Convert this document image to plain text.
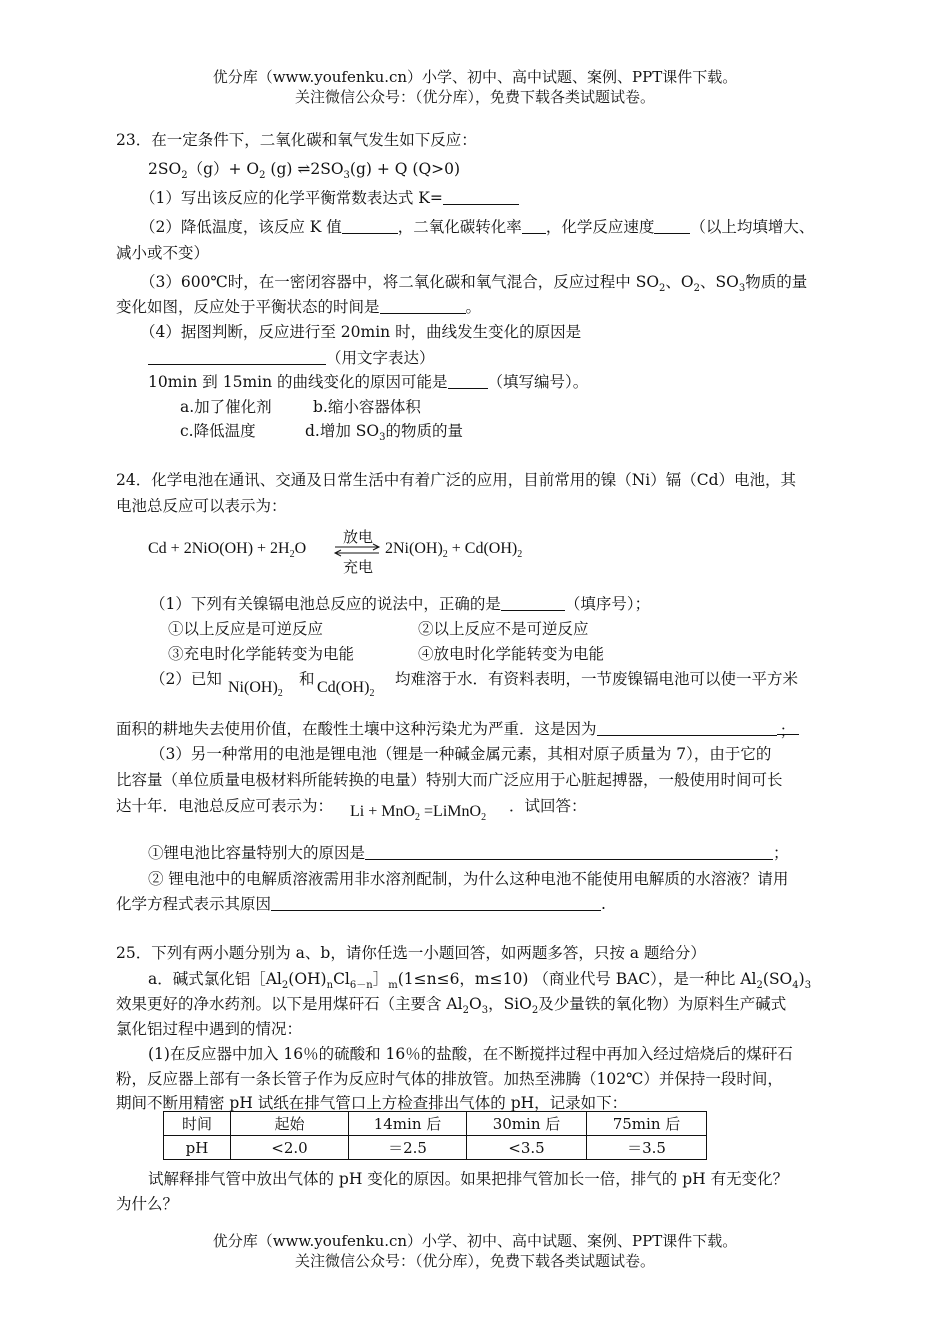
优分库（www.youfenku.cn）小学、初中、高中试题、案例、PPT课件下载。
关注微信公众号：（优分库），免费下载各类试题试卷。
23．在一定条件下，二氧化碳和氧气发生如下反应：
$2SO_2(g)+ O_2$ (g) $\rightleftharpoons 2SO_3(g) + Q$ (Q>0)
（1）写出该反应的化学平衡常数表达式 K=
（2）降低温度，该反应 K 值	，二氧化碳转化率 ，化学反应速度 （以上均填增大、
减小或不变）
（3）600℃时，在一密闭容器中，将二氧化碳和氧气混合，反应过程中 $SO_2$、$O_2$、$SO_3$物质的量
变化如图，反应处于平衡状态的时间是	。
（4）据图判断，反应进行至 20min 时，曲线发生变化的原因是
（用文字表达）
10min 到 15min 的曲线变化的原因可能是	（填写编号）。
a.加了催化剂	b.缩小容器体积
c.降低温度	d.增加 $SO_3$的物质的量
24．化学电池在通讯、交通及日常生活中有着广泛的应用，目前常用的镍（Ni）镉（Cd）电池，其
电池总反应可以表示为：
$Cd + 2NiO(OH) + 2H_2O$
放电
充电
$2Ni(OH)_2 + Cd(OH)_2$
（1）下列有关镍镉电池总反应的说法中，正确的是	（填序号）；
①以上反应是可逆反应	②以上反应不是可逆反应
③充电时化学能转变为电能	④放电时化学能转变为电能
（2）已知 $Ni(OH)_2$
和 $Cd(OH)_2$
均难溶于水．有资料表明，一节废镍镉电池可以使一平方米
面积的耕地失去使用价值，在酸性土壤中这种污染尤为严重．这是因为	；
（3）另一种常用的电池是锂电池（锂是一种碱金属元素，其相对原子质量为 7），由于它的
比容量（单位质量电极材料所能转换的电量）特别大而广泛应用于心脏起搏器，一般使用时间可长
达十年．电池总反应可表示为： Li + MnO$_2$ =LiMnO$_2$
．试回答：
①锂电池比容量特别大的原因是	；
② 锂电池中的电解质溶液需用非水溶剂配制，为什么这种电池不能使用电解质的水溶液？请用
化学方程式表示其原因	.
25．下列有两小题分别为 a、b，请你任选一小题回答，如两题多答，只按 a 题给分）
a．碱式氯化铝$[Al_2(OH)_nCl_{6-n}]_m(1\le n\le 6$，m≤10) （商业代号 BAC），是一种比 $Al_2(SO_4)_3$
效果更好的净水药剂。以下是用煤矸石（主要含 $Al_2O_3$，SiO$_2$及少量铁的氧化物）为原料生产碱式
氯化铝过程中遇到的情况：
(1)在反应器中加入 16％的硫酸和 16％的盐酸，在不断搅拌过程中再加入经过焙烧后的煤矸石
粉，反应器上部有一条长管子作为反应时气体的排放管。加热至沸腾（102℃）并保持一段时间，
期间不断用精密 pH 试纸在排气管口上方检查排出气体的 pH，记录如下：
时间	起始	14min 后	30min 后	75min 后
pH	<2.0	＝2.5	<3.5	＝3.5
试解释排气管中放出气体的 pH 变化的原因。如果把排气管加长一倍，排气的 pH 有无变化？
为什么？
优分库（www.youfenku.cn）小学、初中、高中试题、案例、PPT课件下载。
关注微信公众号：（优分库），免费下载各类试题试卷。
